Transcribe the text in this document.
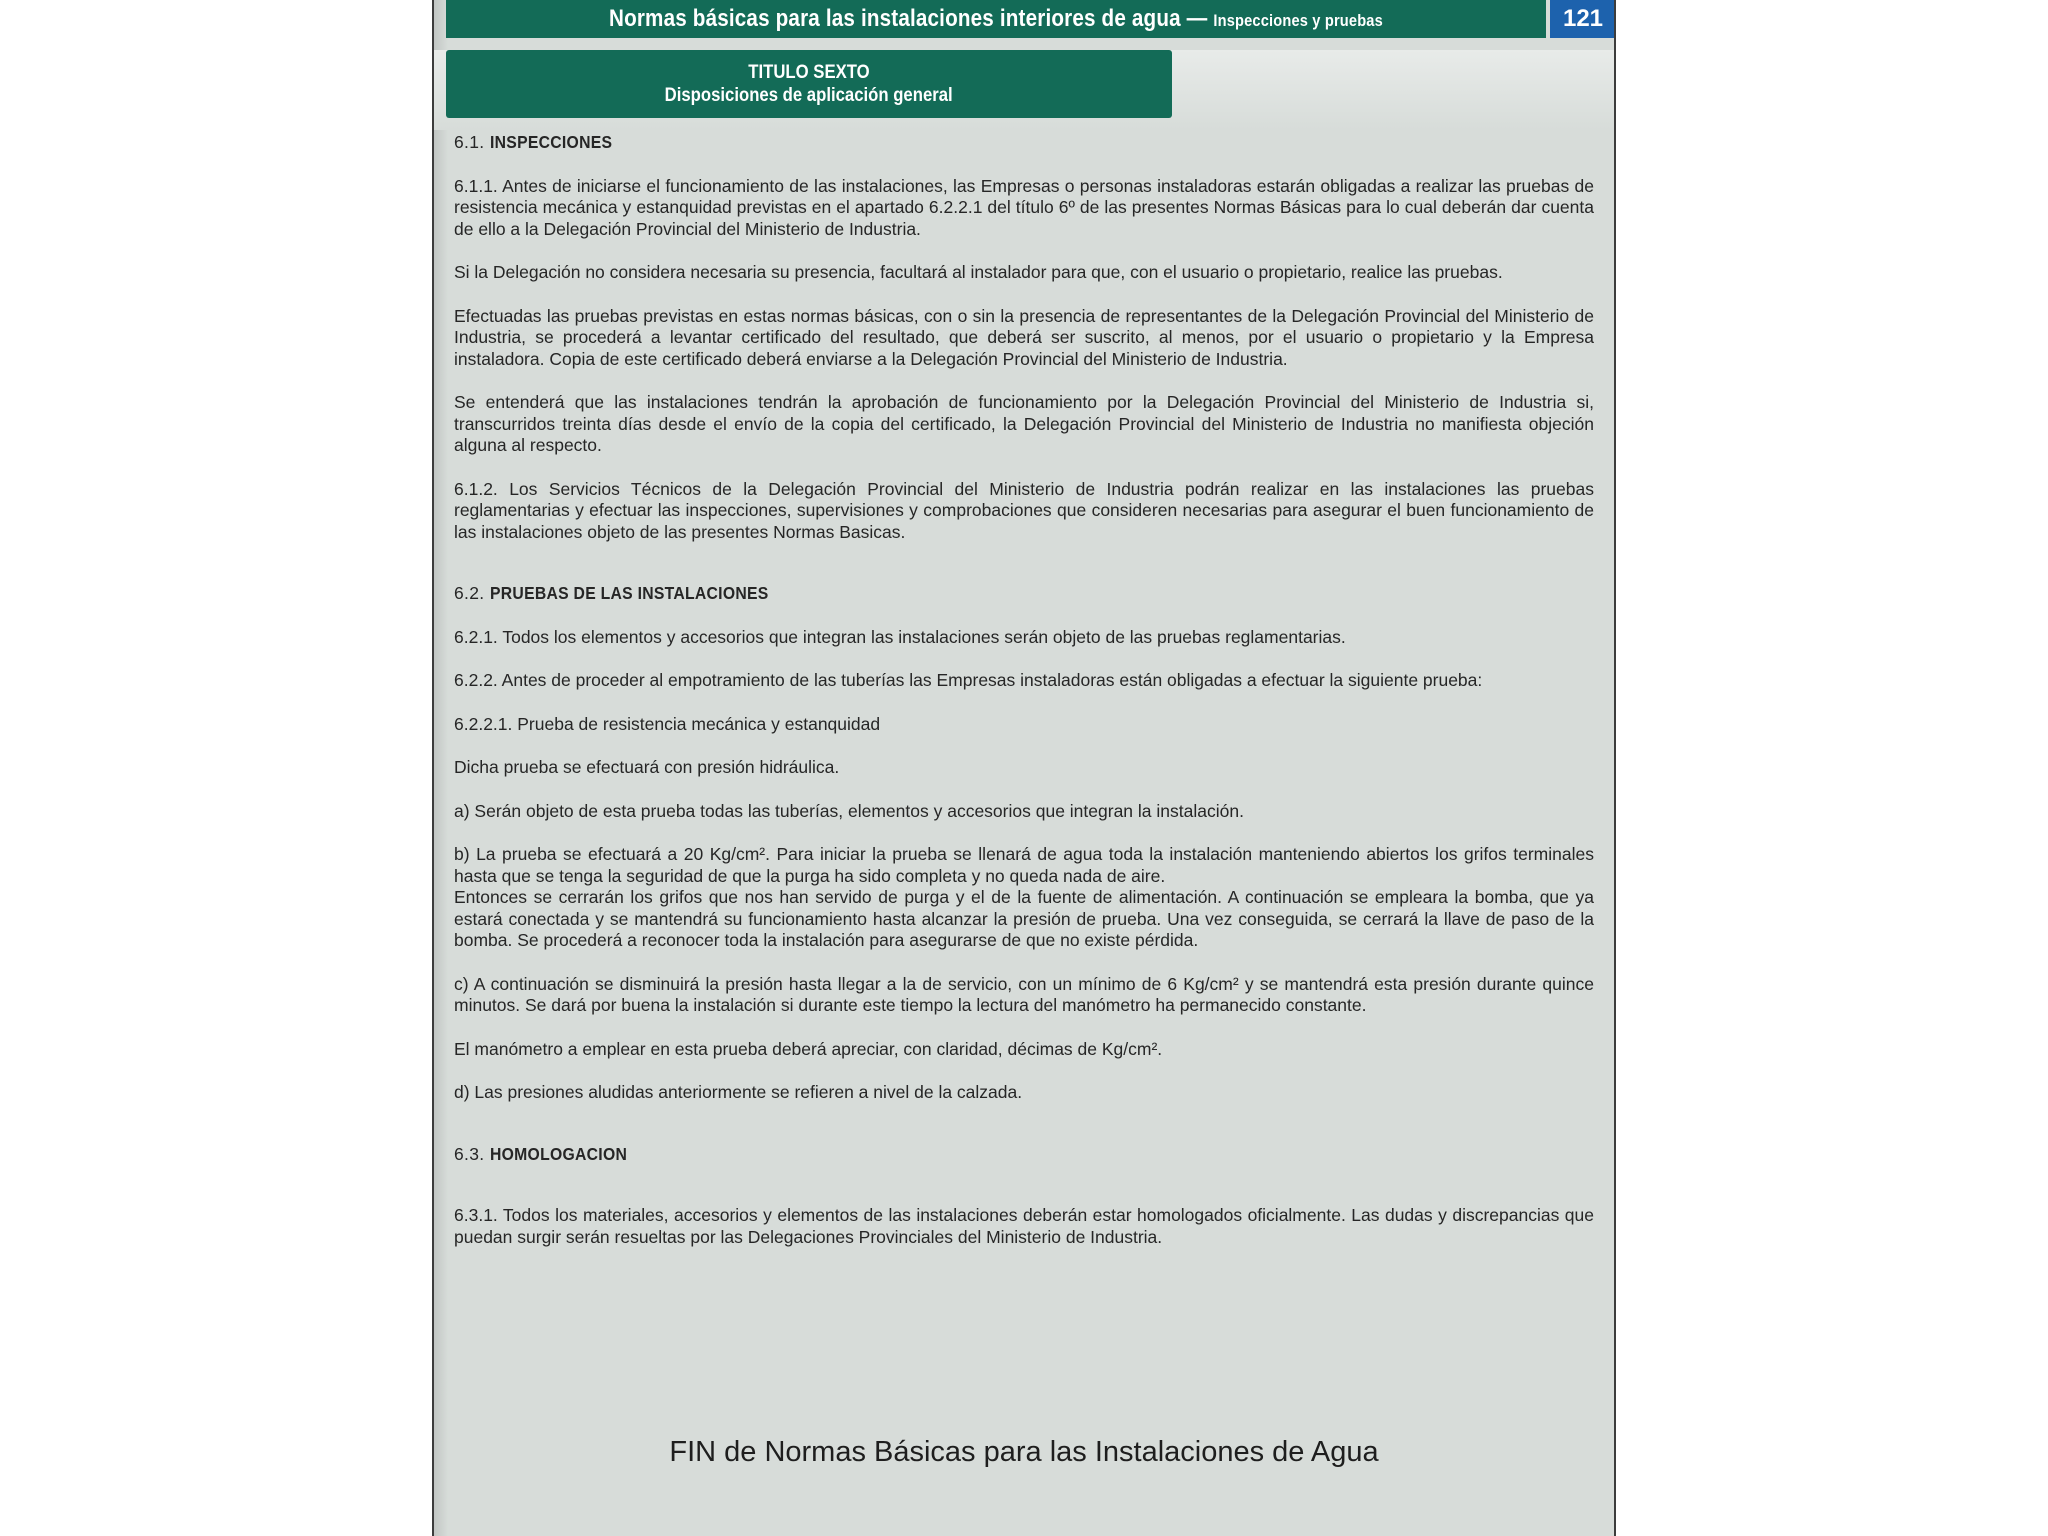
Normas básicas para las instalaciones interiores de agua — Inspecciones y pruebas	121
TITULO SEXTO
Disposiciones de aplicación general
6.1. INSPECCIONES

6.1.1. Antes de iniciarse el funcionamiento de las instalaciones, las Empresas o personas instaladoras estarán obligadas a realizar las pruebas de resistencia mecánica y estanquidad previstas en el apartado 6.2.2.1 del título 6º de las presentes Normas Básicas para lo cual deberán dar cuenta de ello a la Delegación Provincial del Ministerio de Industria.

Si la Delegación no considera necesaria su presencia, facultará al instalador para que, con el usuario o propietario, realice las pruebas.

Efectuadas las pruebas previstas en estas normas básicas, con o sin la presencia de representantes de la Delegación Provincial del Ministerio de Industria, se procederá a levantar certificado del resultado, que deberá ser suscrito, al menos, por el usuario o propietario y la Empresa instaladora. Copia de este certificado deberá enviarse a la Delegación Provincial del Ministerio de Industria.

Se entenderá que las instalaciones tendrán la aprobación de funcionamiento por la Delegación Provincial del Ministerio de Industria si, transcurridos treinta días desde el envío de la copia del certificado, la Delegación Provincial del Ministerio de Industria no manifiesta objeción alguna al respecto.

6.1.2. Los Servicios Técnicos de la Delegación Provincial del Ministerio de Industria podrán realizar en las instalaciones las pruebas reglamentarias y efectuar las inspecciones, supervisiones y comprobaciones que consideren necesarias para asegurar el buen funcionamiento de las instalaciones objeto de las presentes Normas Basicas.

6.2. PRUEBAS DE LAS INSTALACIONES

6.2.1. Todos los elementos y accesorios que integran las instalaciones serán objeto de las pruebas reglamentarias.

6.2.2. Antes de proceder al empotramiento de las tuberías las Empresas instaladoras están obligadas a efectuar la siguiente prueba:

6.2.2.1. Prueba de resistencia mecánica y estanquidad

Dicha prueba se efectuará con presión hidráulica.

a) Serán objeto de esta prueba todas las tuberías, elementos y accesorios que integran la instalación.

b) La prueba se efectuará a 20 Kg/cm². Para iniciar la prueba se llenará de agua toda la instalación manteniendo abiertos los grifos terminales hasta que se tenga la seguridad de que la purga ha sido completa y no queda nada de aire.
Entonces se cerrarán los grifos que nos han servido de purga y el de la fuente de alimentación. A continuación se empleara la bomba, que ya estará conectada y se mantendrá su funcionamiento hasta alcanzar la presión de prueba. Una vez conseguida, se cerrará la llave de paso de la bomba. Se procederá a reconocer toda la instalación para asegurarse de que no existe pérdida.

c) A continuación se disminuirá la presión hasta llegar a la de servicio, con un mínimo de 6 Kg/cm² y se mantendrá esta presión durante quince minutos. Se dará por buena la instalación si durante este tiempo la lectura del manómetro ha permanecido constante.

El manómetro a emplear en esta prueba deberá apreciar, con claridad, décimas de Kg/cm².

d) Las presiones aludidas anteriormente se refieren a nivel de la calzada.

6.3. HOMOLOGACION

6.3.1. Todos los materiales, accesorios y elementos de las instalaciones deberán estar homologados oficialmente. Las dudas y discrepancias que puedan surgir serán resueltas por las Delegaciones Provinciales del Ministerio de Industria.

FIN de Normas Básicas para las Instalaciones de Agua
